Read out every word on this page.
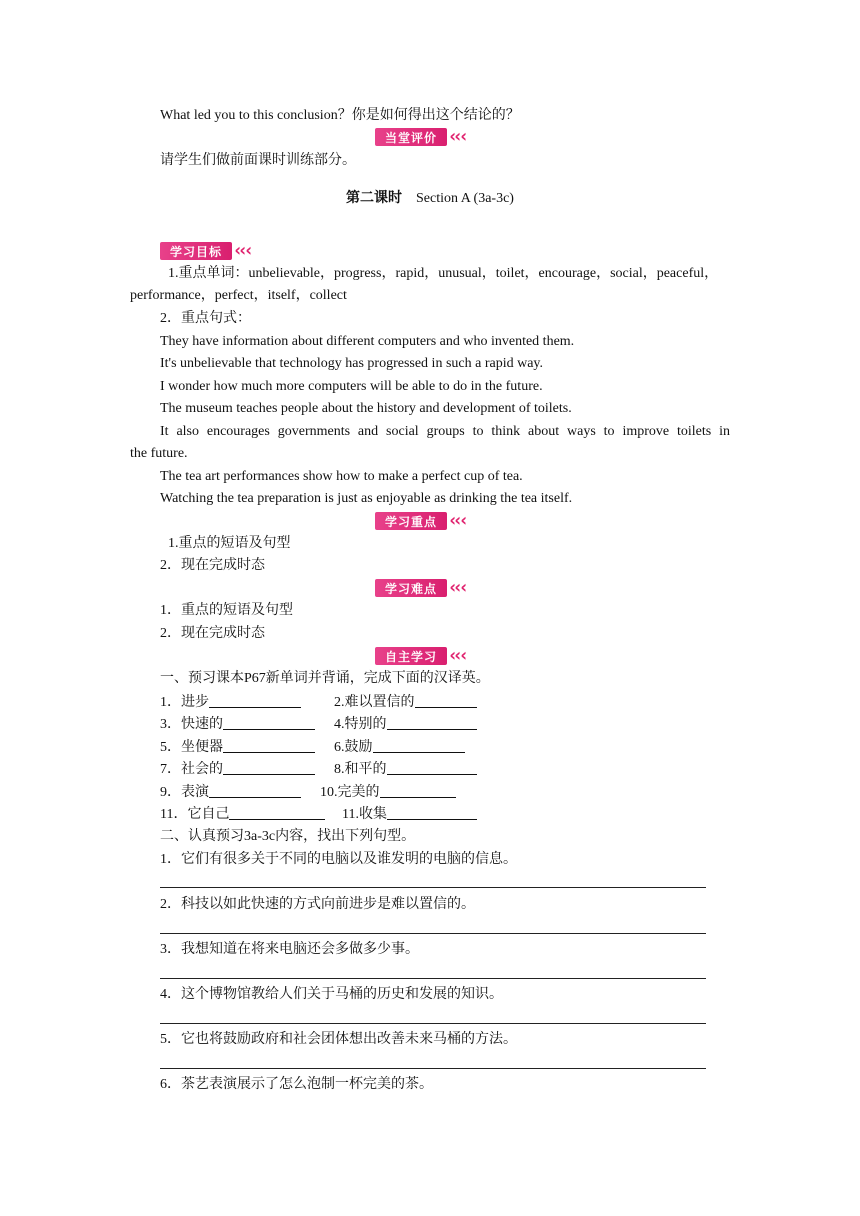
What led you to this conclusion？你是如何得出这个结论的？
当堂评价 ‹
‹
‹
请学生们做前面课时训练部分。
第二课时 Section A (3a-3c)
学习目标 ‹
‹
‹
1.重点单词：unbelievable，progress，rapid，unusual，toilet，encourage，social，peaceful，
performance，perfect，itself，collect
2．重点句式：
They have information about different computers and who invented them.
It's unbelievable that technology has progressed in such a rapid way.
I wonder how much more computers will be able to do in the future.
The museum teaches people about the history and development of toilets.
It also encourages governments and social groups to think about ways to improve toilets in
the future.
The tea art performances show how to make a perfect cup of tea.
Watching the tea preparation is just as enjoyable as drinking the tea itself.
学习重点 ‹
‹
‹
1.重点的短语及句型
2．现在完成时态
学习难点 ‹
‹
‹
1．重点的短语及句型
2．现在完成时态
自主学习 ‹
‹
‹
一、预习课本P67新单词并背诵，完成下面的汉译英。
1．进步	2.难以置信的
3．快速的	4.特别的
5．坐便器	6.鼓励
7．社会的	8.和平的
9．表演	10.完美的
11．它自己	11.收集
二、认真预习3a-3c内容，找出下列句型。
1．它们有很多关于不同的电脑以及谁发明的电脑的信息。
2．科技以如此快速的方式向前进步是难以置信的。
3．我想知道在将来电脑还会多做多少事。
4．这个博物馆教给人们关于马桶的历史和发展的知识。
5．它也将鼓励政府和社会团体想出改善未来马桶的方法。
6．茶艺表演展示了怎么泡制一杯完美的茶。
